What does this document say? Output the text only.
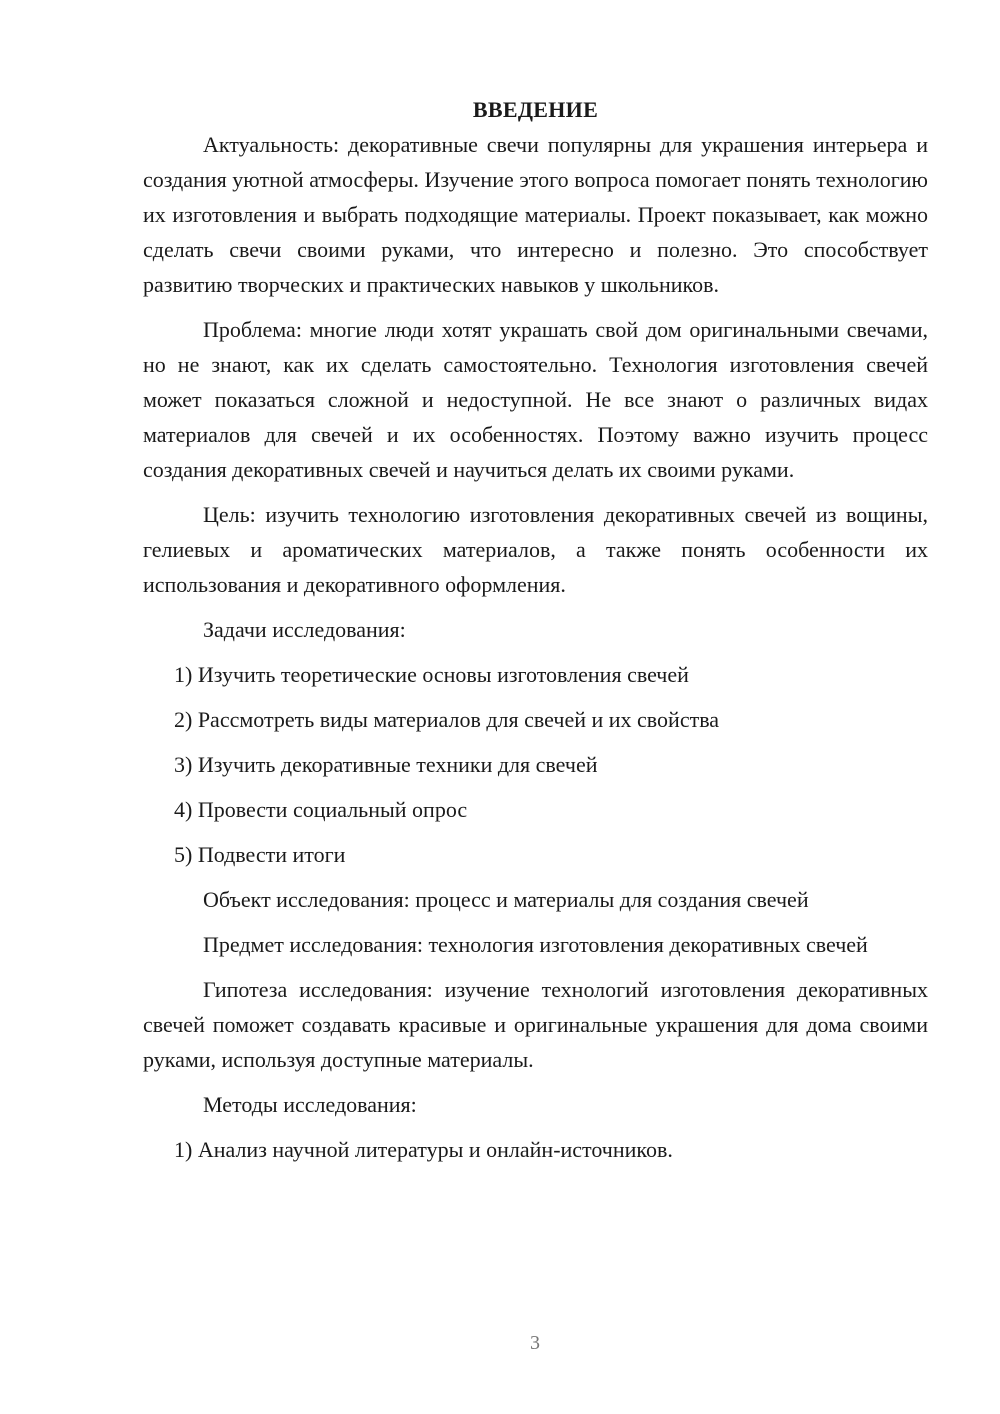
ВВЕДЕНИЕ

Актуальность: декоративные свечи популярны для украшения интерьера и создания уютной атмосферы. Изучение этого вопроса помогает понять технологию их изготовления и выбрать подходящие материалы. Проект показывает, как можно сделать свечи своими руками, что интересно и полезно. Это способствует развитию творческих и практических навыков у школьников.

Проблема: многие люди хотят украшать свой дом оригинальными свечами, но не знают, как их сделать самостоятельно. Технология изготовления свечей может показаться сложной и недоступной. Не все знают о различных видах материалов для свечей и их особенностях. Поэтому важно изучить процесс создания декоративных свечей и научиться делать их своими руками.

Цель: изучить технологию изготовления декоративных свечей из вощины, гелиевых и ароматических материалов, а также понять особенности их использования и декоративного оформления.

Задачи исследования:

1) Изучить теоретические основы изготовления свечей
2) Рассмотреть виды материалов для свечей и их свойства
3) Изучить декоративные техники для свечей
4) Провести социальный опрос
5) Подвести итоги

Объект исследования: процесс и материалы для создания свечей

Предмет исследования: технология изготовления декоративных свечей

Гипотеза исследования: изучение технологий изготовления декоративных свечей поможет создавать красивые и оригинальные украшения для дома своими руками, используя доступные материалы.

Методы исследования:

1) Анализ научной литературы и онлайн-источников.
3
